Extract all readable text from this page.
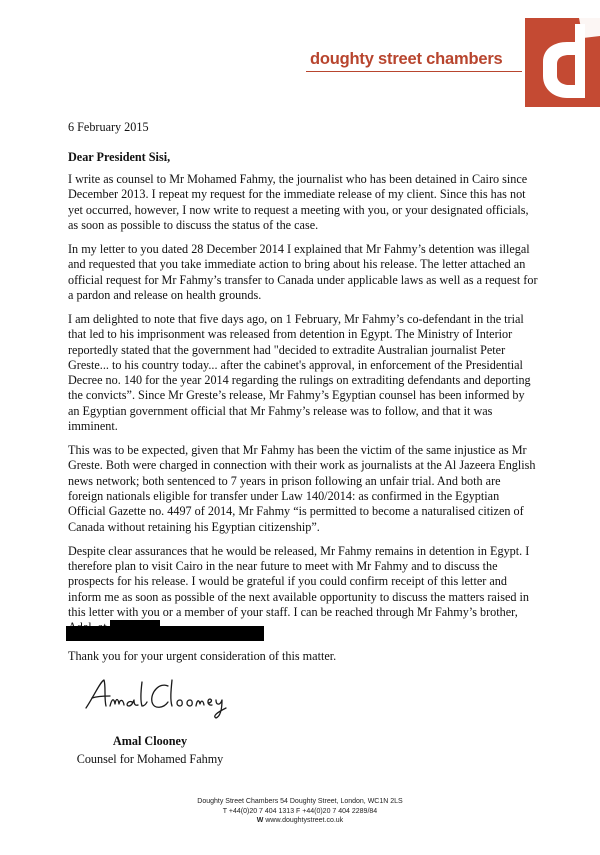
doughty street chambers
6 February 2015
Dear President Sisi,

I write as counsel to Mr Mohamed Fahmy, the journalist who has been detained in Cairo since December 2013. I repeat my request for the immediate release of my client. Since this has not yet occurred, however, I now write to request a meeting with you, or your designated officials, as soon as possible to discuss the status of the case.

In my letter to you dated 28 December 2014 I explained that Mr Fahmy’s detention was illegal and requested that you take immediate action to bring about his release. The letter attached an official request for Mr Fahmy’s transfer to Canada under applicable laws as well as a request for a pardon and release on health grounds.

I am delighted to note that five days ago, on 1 February, Mr Fahmy’s co-defendant in the trial that led to his imprisonment was released from detention in Egypt. The Ministry of Interior reportedly stated that the government had "decided to extradite Australian journalist Peter Greste... to his country today... after the cabinet's approval, in enforcement of the Presidential Decree no. 140 for the year 2014 regarding the rulings on extraditing defendants and deporting the convicts”. Since Mr Greste’s release, Mr Fahmy’s Egyptian counsel has been informed by an Egyptian government official that Mr Fahmy’s release was to follow, and that it was imminent.

This was to be expected, given that Mr Fahmy has been the victim of the same injustice as Mr Greste. Both were charged in connection with their work as journalists at the Al Jazeera English news network; both sentenced to 7 years in prison following an unfair trial. And both are foreign nationals eligible for transfer under Law 140/2014: as confirmed in the Egyptian Official Gazette no. 4497 of 2014, Mr Fahmy “is permitted to become a naturalised citizen of Canada without retaining his Egyptian citizenship”.

Despite clear assurances that he would be released, Mr Fahmy remains in detention in Egypt. I therefore plan to visit Cairo in the near future to meet with Mr Fahmy and to discuss the prospects for his release. I would be grateful if you could confirm receipt of this letter and inform me as soon as possible of the next available opportunity to discuss the matters raised in this letter with you or a member of your staff. I can be reached through Mr Fahmy’s brother,

Thank you for your urgent consideration of this matter.
Amal Clooney
Counsel for Mohamed Fahmy
Doughty Street Chambers 54 Doughty Street, London, WC1N 2LS
T +44(0)20 7 404 1313 F +44(0)20 7 404 2289/84
W www.doughtystreet.co.uk
